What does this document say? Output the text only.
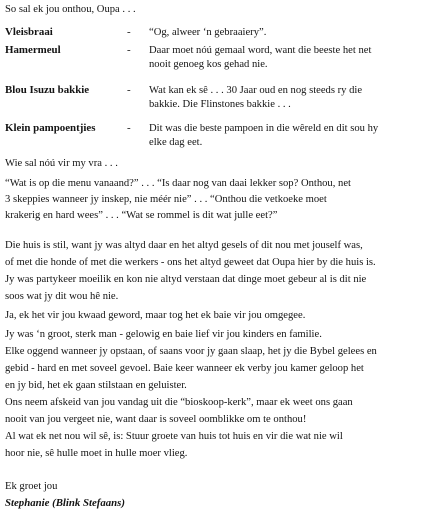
So sal ek jou onthou, Oupa . . .
Vleisbraai	- “Og, alweer ‘n gebraaiery”.
Hamermeul	- Daar moet nóú gemaal word, want die beeste het net
nooit genoeg kos gehad nie.
Blou Isuzu bakkie	- Wat kan ek sê . . . 30 Jaar oud en nog steeds ry die
bakkie. Die Flinstones bakkie . . .
Klein pampoentjies	- Dit was die beste pampoen in die wêreld en dit sou hy
elke dag eet.
Wie sal nóú vir my vra . . .
“Wat is op die menu vanaand?” . . . “Is daar nog van daai lekker sop? Onthou, net
3 skeppies wanneer jy inskep, nie méér nie” . . . “Onthou die vetkoeke moet
krakerig en hard wees” . . . “Wat se rommel is dit wat julle eet?”
Die huis is stil, want jy was altyd daar en het altyd gesels of dit nou met jouself was,
of met die honde of met die werkers - ons het altyd geweet dat Oupa hier by die huis is.
Jy was partykeer moeilik en kon nie altyd verstaan dat dinge moet gebeur al is dit nie
soos wat jy dit wou hê nie.
Ja, ek het vir jou kwaad geword, maar tog het ek baie vir jou omgegee.
Jy was ‘n groot, sterk man - gelowig en baie lief vir jou kinders en familie.
Elke oggend wanneer jy opstaan, of saans voor jy gaan slaap, het jy die Bybel gelees en
gebid - hard en met soveel gevoel. Baie keer wanneer ek verby jou kamer geloop het
en jy bid, het ek gaan stilstaan en geluister.
Ons neem afskeid van jou vandag uit die “bioskoop-kerk”, maar ek weet ons gaan
nooit van jou vergeet nie, want daar is soveel oomblikke om te onthou!
Al wat ek net nou wil sê, is: Stuur groete van huis tot huis en vir die wat nie wil
hoor nie, sê hulle moet in hulle moer vlieg.
Ek groet jou
Stephanie (Blink Stefaans)
